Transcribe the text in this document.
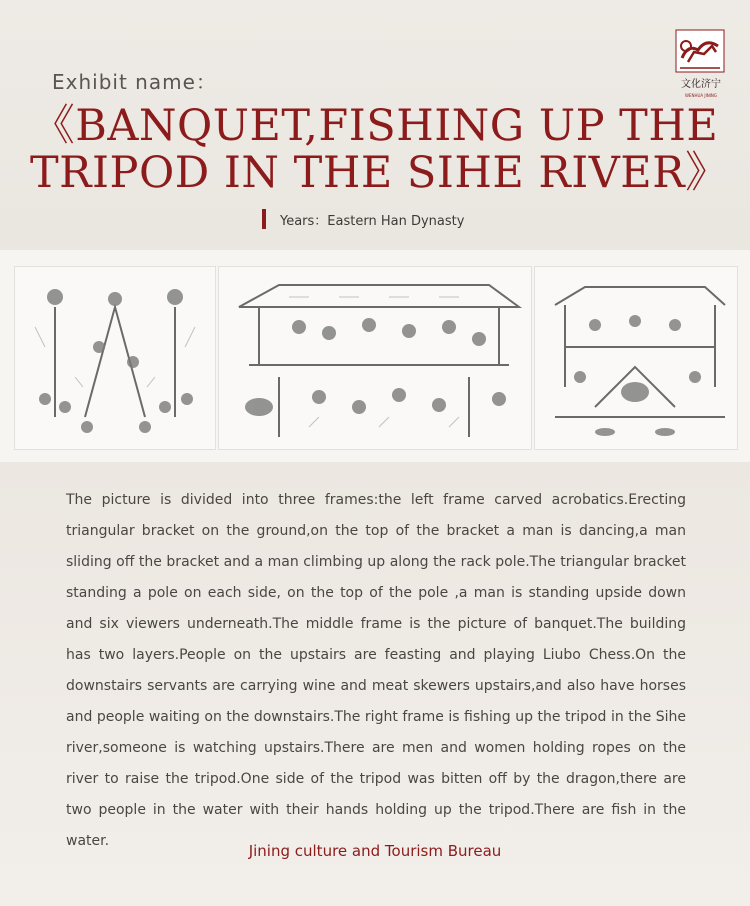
文化济宁
WENHUA JINING
Exhibit name：
《BANQUET,FISHING UP THE TRIPOD IN THE SIHE RIVER》
Years：Eastern Han Dynasty
The picture is divided into three frames:the left frame carved acrobatics.Erecting triangular bracket on the ground,on the top of the bracket a man is dancing,a man sliding off the bracket and a man climbing up along the rack pole.The triangular bracket standing a pole on each side, on the top of the pole ,a man is standing upside down and six viewers underneath.The middle frame is the picture of banquet.The building has two layers.People on the upstairs are feasting and playing Liubo Chess.On the downstairs servants are carrying wine and meat skewers upstairs,and also have horses and people waiting on the downstairs.The right frame is fishing up the tripod in the Sihe river,someone is watching upstairs.There are men and women holding ropes on the river to raise the tripod.One side of the tripod was bitten off by the dragon,there are two people in the water with their hands holding up the tripod.There are fish in the water.
Jining culture and Tourism Bureau
